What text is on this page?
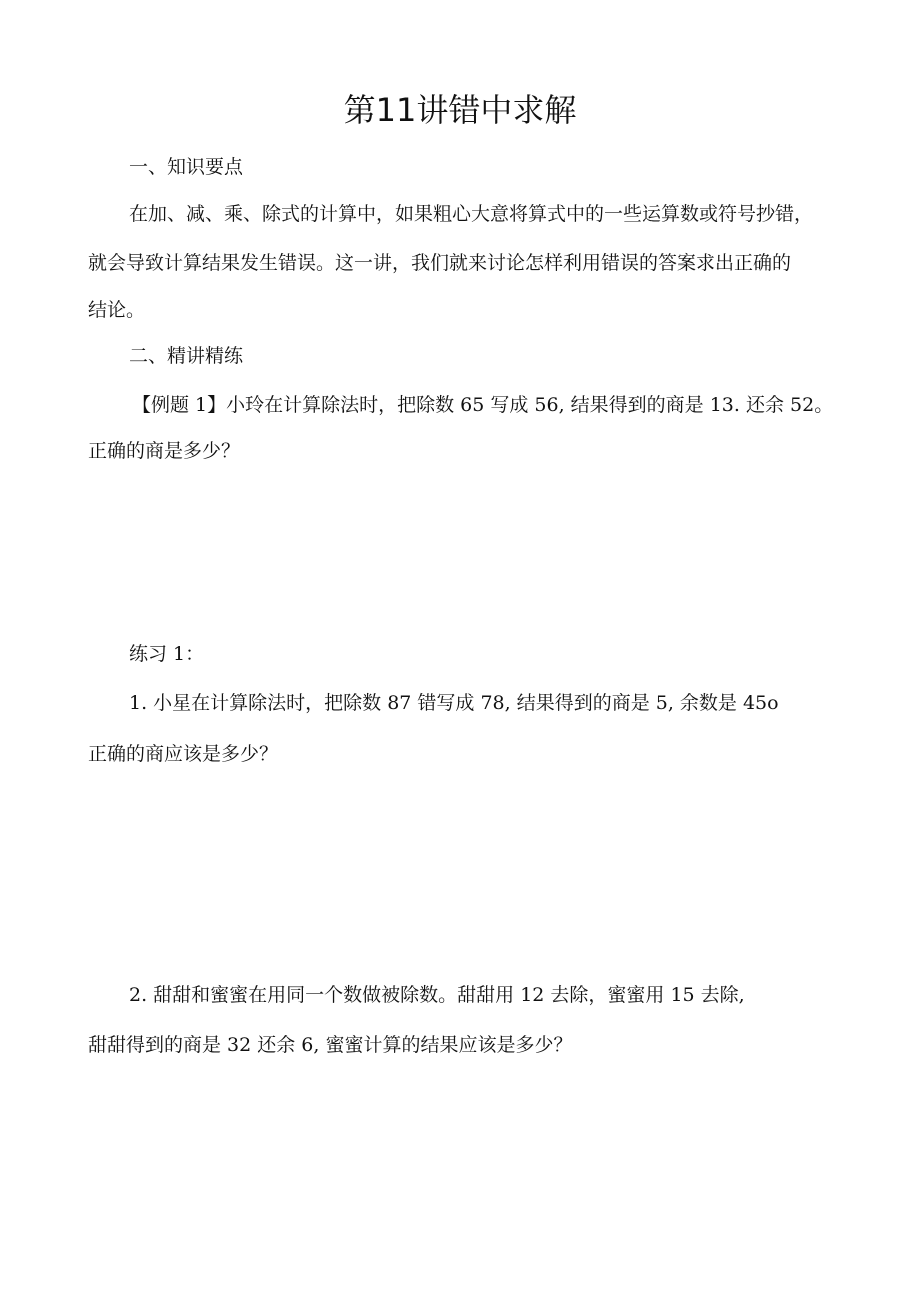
第11讲错中求解
一、知识要点
在加、减、乘、除式的计算中，如果粗心大意将算式中的一些运算数或符号抄错，
就会导致计算结果发生错误。这一讲，我们就来讨论怎样利用错误的答案求出正确的
结论。
二、精讲精练
【例题 1】小玲在计算除法时，把除数 65 写成 56, 结果得到的商是 13. 还余 52。
正确的商是多少？
练习 1：
1. 小星在计算除法时，把除数 87 错写成 78, 结果得到的商是 5, 余数是 45o
正确的商应该是多少？
2. 甜甜和蜜蜜在用同一个数做被除数。甜甜用 12 去除，蜜蜜用 15 去除,
甜甜得到的商是 32 还余 6, 蜜蜜计算的结果应该是多少？
